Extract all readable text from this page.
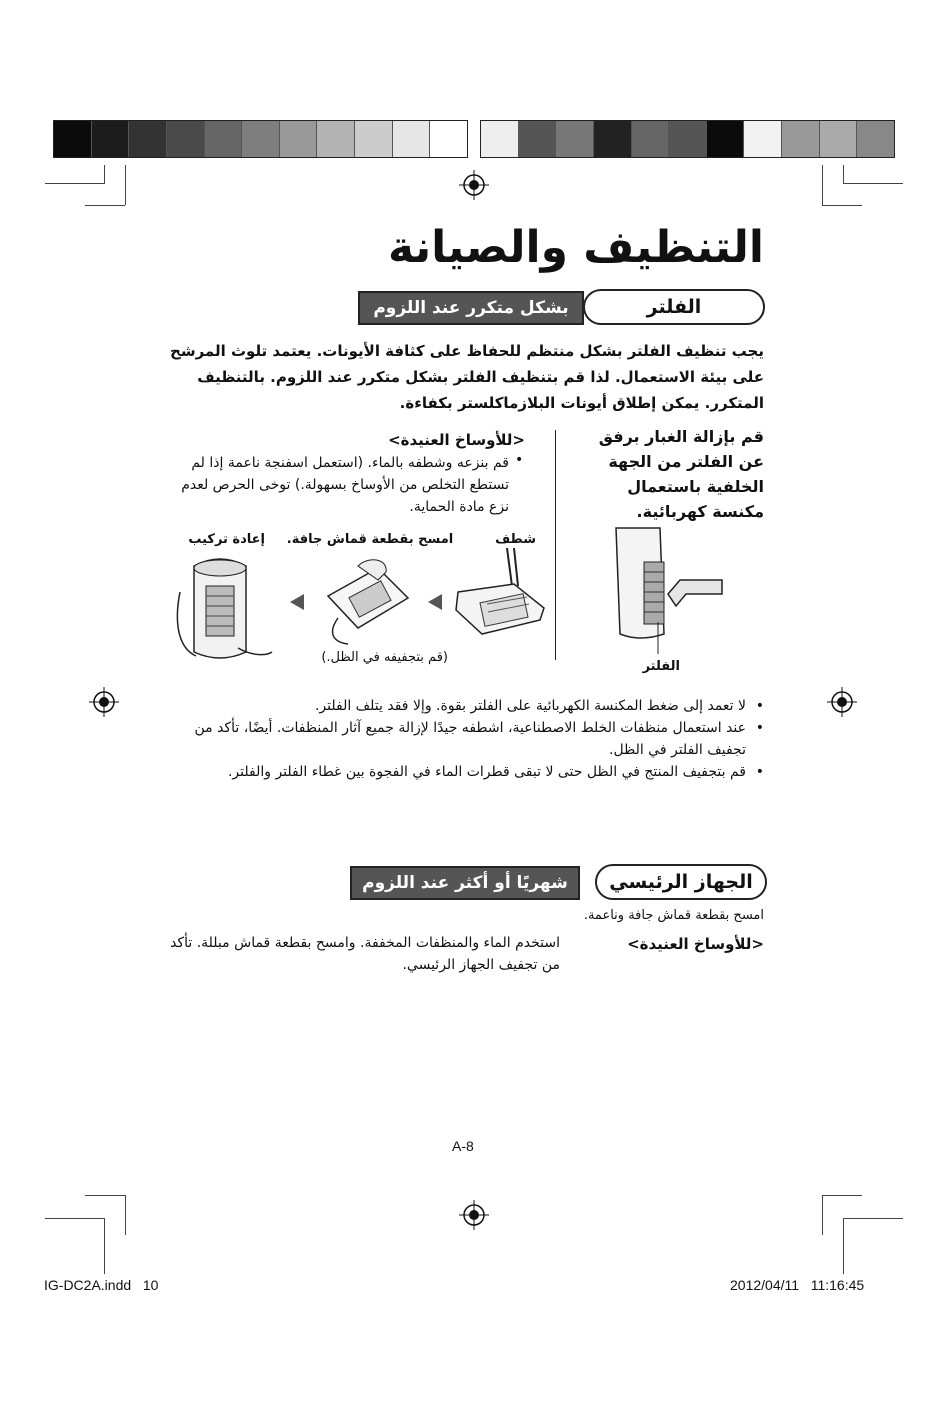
التنظيف والصيانة
الفلتر
بشكل متكرر عند اللزوم
يجب تنظيف الفلتر بشكل منتظم للحفاظ على كثافة الأيونات. يعتمد تلوث المرشح على بيئة الاستعمال. لذا قم بتنظيف الفلتر بشكل متكرر عند اللزوم. بالتنظيف المتكرر. يمكن إطلاق أيونات البلازماكلستر بكفاءة.
قم بإزالة الغبار برفق عن الفلتر من الجهة الخلفية باستعمال مكنسة كهربائية.
<للأوساخ العنيدة>
قم بنزعه وشطفه بالماء. (استعمل اسفنجة ناعمة إذا لم تستطع التخلص من الأوساخ بسهولة.) توخى الحرص لعدم نزع مادة الحماية.
•
شطف
امسح بقطعة قماش جافة.
إعادة تركيب
(قم بتجفيفه في الظل.)
الفلتر
• لا تعمد إلى ضغط المكنسة الكهربائية على الفلتر بقوة. وإلا فقد يتلف الفلتر.
• عند استعمال منظفات الخلط الاصطناعية، اشطفه جيدًا لإزالة جميع آثار المنظفات. أيضًا، تأكد من تجفيف الفلتر في الظل.
• قم بتجفيف المنتج في الظل حتى لا تبقى قطرات الماء في الفجوة بين غطاء الفلتر والفلتر.
الجهاز الرئيسي
شهريًا أو أكثر عند اللزوم
امسح بقطعة قماش جافة وناعمة.
<للأوساخ العنيدة>
استخدم الماء والمنظفات المخففة. وامسح بقطعة قماش مبللة. تأكد من تجفيف الجهاز الرئيسي.
A-8
IG-DC2A.indd   10	2012/04/11   11:16:45
